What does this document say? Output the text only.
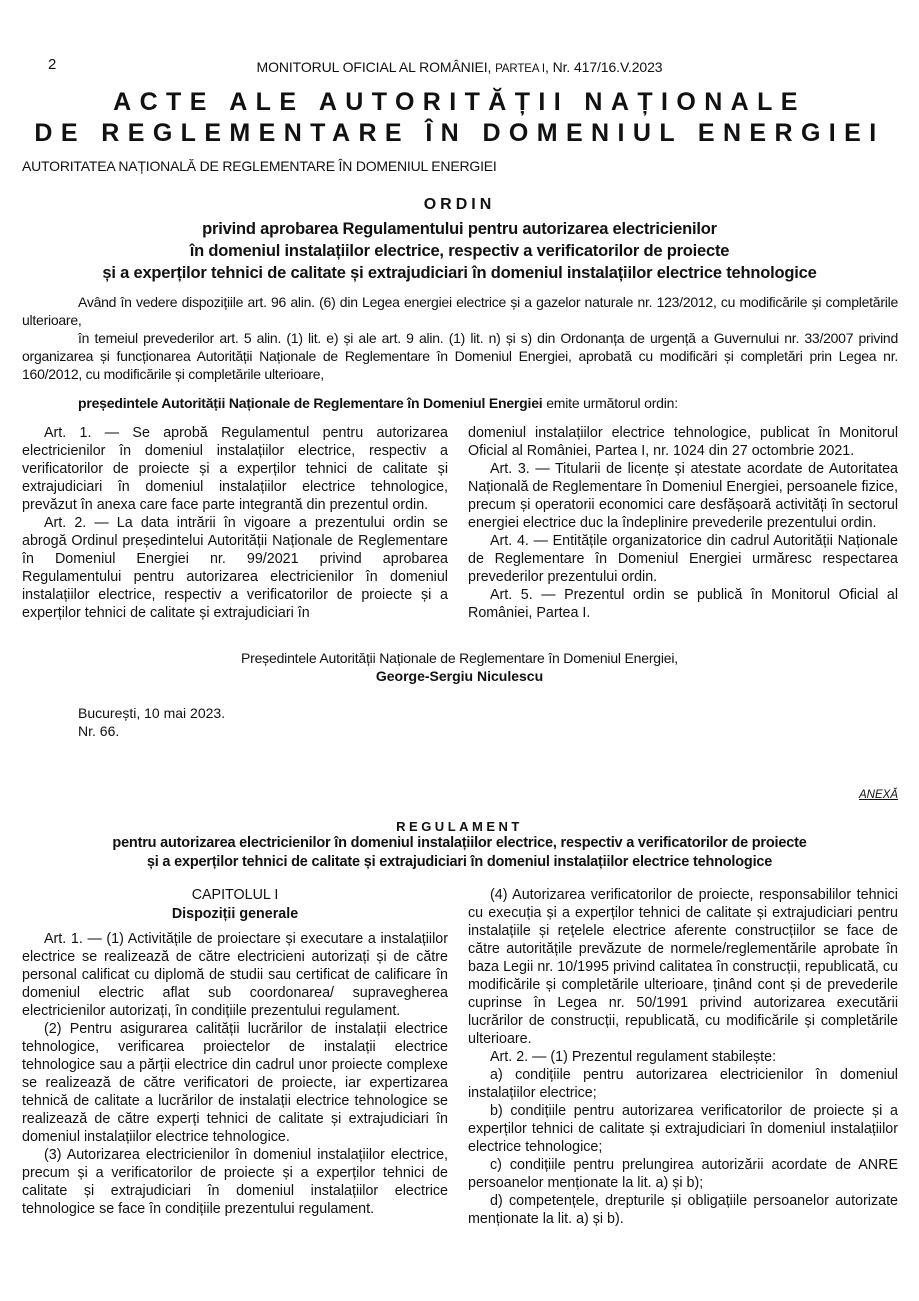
2	MONITORUL OFICIAL AL ROMÂNIEI, PARTEA I, Nr. 417/16.V.2023
ACTE ALE AUTORITĂȚII NAȚIONALE
DE REGLEMENTARE ÎN DOMENIUL ENERGIEI
AUTORITATEA NAȚIONALĂ DE REGLEMENTARE ÎN DOMENIUL ENERGIEI
ORDIN
privind aprobarea Regulamentului pentru autorizarea electricienilor
în domeniul instalațiilor electrice, respectiv a verificatorilor de proiecte
și a experților tehnici de calitate și extrajudiciari în domeniul instalațiilor electrice tehnologice

Având în vedere dispozițiile art. 96 alin. (6) din Legea energiei electrice și a gazelor naturale nr. 123/2012, cu modificările și completările ulterioare,

în temeiul prevederilor art. 5 alin. (1) lit. e) și ale art. 9 alin. (1) lit. n) și s) din Ordonanța de urgență a Guvernului nr. 33/2007 privind organizarea și funcționarea Autorității Naționale de Reglementare în Domeniul Energiei, aprobată cu modificări și completări prin Legea nr. 160/2012, cu modificările și completările ulterioare,

președintele Autorității Naționale de Reglementare în Domeniul Energiei emite următorul ordin:

Art. 1. — Se aprobă Regulamentul pentru autorizarea electricienilor în domeniul instalațiilor electrice, respectiv a verificatorilor de proiecte și a experților tehnici de calitate și extrajudiciari în domeniul instalațiilor electrice tehnologice, prevăzut în anexa care face parte integrantă din prezentul ordin.

Art. 2. — La data intrării în vigoare a prezentului ordin se abrogă Ordinul președintelui Autorității Naționale de Reglementare în Domeniul Energiei nr. 99/2021 privind aprobarea Regulamentului pentru autorizarea electricienilor în domeniul instalațiilor electrice, respectiv a verificatorilor de proiecte și a experților tehnici de calitate și extrajudiciari în

domeniul instalațiilor electrice tehnologice, publicat în Monitorul Oficial al României, Partea I, nr. 1024 din 27 octombrie 2021.

Art. 3. — Titularii de licențe și atestate acordate de Autoritatea Națională de Reglementare în Domeniul Energiei, persoanele fizice, precum și operatorii economici care desfășoară activități în sectorul energiei electrice duc la îndeplinire prevederile prezentului ordin.

Art. 4. — Entitățile organizatorice din cadrul Autorității Naționale de Reglementare în Domeniul Energiei urmăresc respectarea prevederilor prezentului ordin.

Art. 5. — Prezentul ordin se publică în Monitorul Oficial al României, Partea I.

Președintele Autorității Naționale de Reglementare în Domeniul Energiei,
George-Sergiu Niculescu
București, 10 mai 2023.
Nr. 66.
ANEXĂ
REGULAMENT
pentru autorizarea electricienilor în domeniul instalațiilor electrice, respectiv a verificatorilor de proiecte
și a experților tehnici de calitate și extrajudiciari în domeniul instalațiilor electrice tehnologice
CAPITOLUL I
Dispoziții generale

Art. 1. — (1) Activitățile de proiectare și executare a instalațiilor electrice se realizează de către electricieni autorizați și de către personal calificat cu diplomă de studii sau certificat de calificare în domeniul electric aflat sub coordonarea/ supravegherea electricienilor autorizați, în condițiile prezentului regulament.

(2) Pentru asigurarea calității lucrărilor de instalații electrice tehnologice, verificarea proiectelor de instalații electrice tehnologice sau a părții electrice din cadrul unor proiecte complexe se realizează de către verificatori de proiecte, iar expertizarea tehnică de calitate a lucrărilor de instalații electrice tehnologice se realizează de către experți tehnici de calitate și extrajudiciari în domeniul instalațiilor electrice tehnologice.

(3) Autorizarea electricienilor în domeniul instalațiilor electrice, precum și a verificatorilor de proiecte și a experților tehnici de calitate și extrajudiciari în domeniul instalațiilor electrice tehnologice se face în condițiile prezentului regulament.

(4) Autorizarea verificatorilor de proiecte, responsabililor tehnici cu execuția și a experților tehnici de calitate și extrajudiciari pentru instalațiile și rețelele electrice aferente construcțiilor se face de către autoritățile prevăzute de normele/reglementările aprobate în baza Legii nr. 10/1995 privind calitatea în construcții, republicată, cu modificările și completările ulterioare, ținând cont și de prevederile cuprinse în Legea nr. 50/1991 privind autorizarea executării lucrărilor de construcții, republicată, cu modificările și completările ulterioare.

Art. 2. — (1) Prezentul regulament stabilește:

a) condițiile pentru autorizarea electricienilor în domeniul instalațiilor electrice;

b) condițiile pentru autorizarea verificatorilor de proiecte și a experților tehnici de calitate și extrajudiciari în domeniul instalațiilor electrice tehnologice;

c) condițiile pentru prelungirea autorizării acordate de ANRE persoanelor menționate la lit. a) și b);

d) competențele, drepturile și obligațiile persoanelor autorizate menționate la lit. a) și b).
